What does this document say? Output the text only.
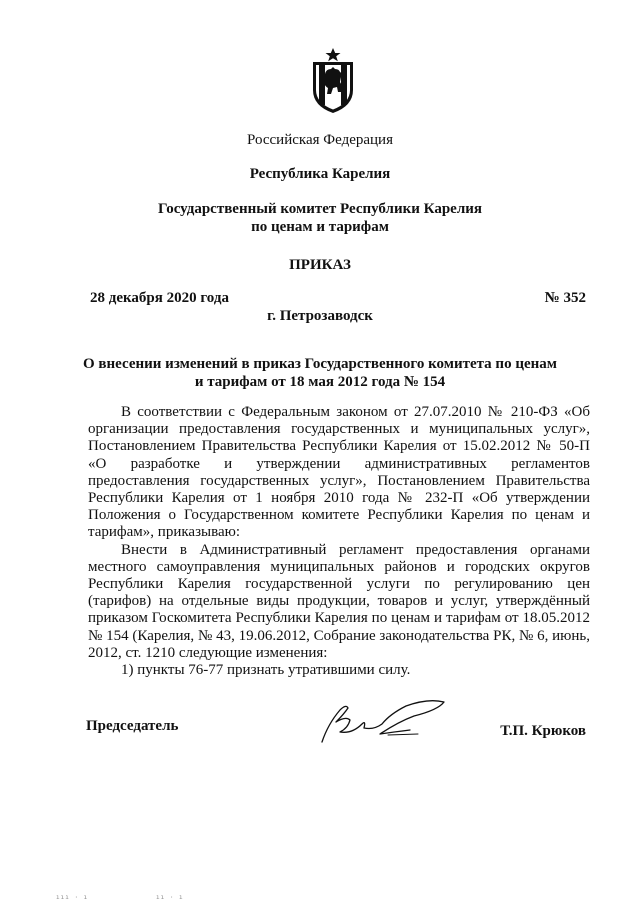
Российская Федерация
Республика Карелия
Государственный комитет Республики Карелия
по ценам и тарифам
ПРИКАЗ
28 декабря 2020 года	№ 352
г. Петрозаводск
О внесении изменений в приказ Государственного комитета по ценам
и тарифам от 18 мая 2012 года № 154

В соответствии с Федеральным законом от 27.07.2010 № 210-ФЗ «Об организации предоставления государственных и муниципальных услуг», Постановлением Правительства Республики Карелия от 15.02.2012 № 50-П «О разработке и утверждении административных регламентов предоставления государственных услуг», Постановлением Правительства Республики Карелия от 1 ноября 2010 года № 232-П «Об утверждении Положения о Государственном комитете Республики Карелия по ценам и тарифам», приказываю:

Внести в Административный регламент предоставления органами местного самоуправления муниципальных районов и городских округов Республики Карелия государственной услуги по регулированию цен (тарифов) на отдельные виды продукции, товаров и услуг, утверждённый приказом Госкомитета Республики Карелия по ценам и тарифам от 18.05.2012 № 154 (Карелия, № 43, 19.06.2012, Собрание законодательства РК, № 6, июнь, 2012, ст. 1210 следующие изменения:

1) пункты 76-77 признать утратившими силу.

Председатель	Т.П. Крюков
ııı · ı	ıı · ı
